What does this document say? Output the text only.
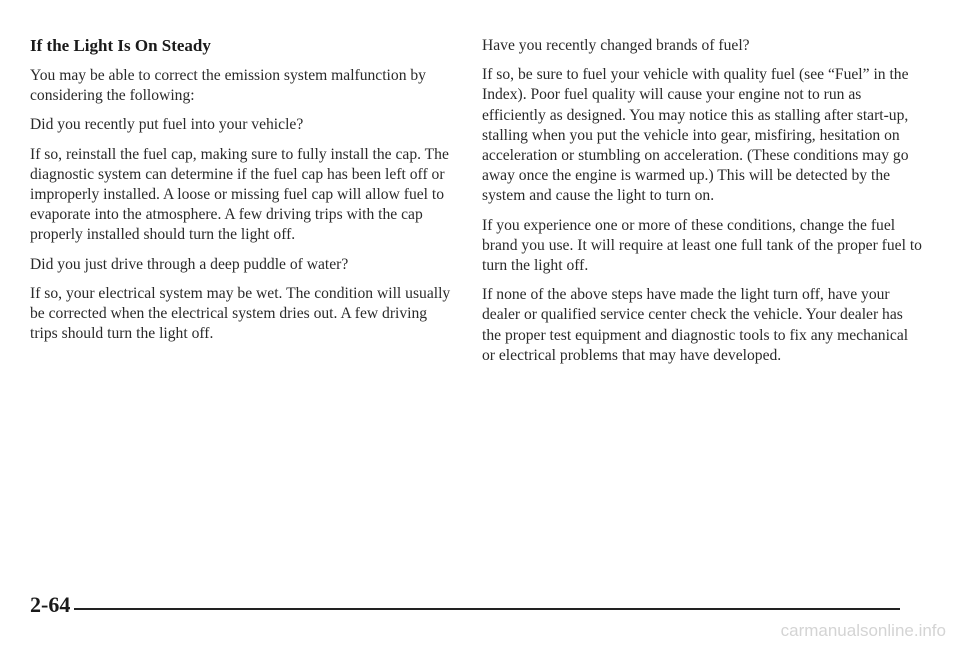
If the Light Is On Steady

You may be able to correct the emission system malfunction by considering the following:

Did you recently put fuel into your vehicle?

If so, reinstall the fuel cap, making sure to fully install the cap. The diagnostic system can determine if the fuel cap has been left off or improperly installed. A loose or missing fuel cap will allow fuel to evaporate into the atmosphere. A few driving trips with the cap properly installed should turn the light off.

Did you just drive through a deep puddle of water?

If so, your electrical system may be wet. The condition will usually be corrected when the electrical system dries out. A few driving trips should turn the light off.

Have you recently changed brands of fuel?

If so, be sure to fuel your vehicle with quality fuel (see “Fuel” in the Index). Poor fuel quality will cause your engine not to run as efficiently as designed. You may notice this as stalling after start-up, stalling when you put the vehicle into gear, misfiring, hesitation on acceleration or stumbling on acceleration. (These conditions may go away once the engine is warmed up.) This will be detected by the system and cause the light to turn on.

If you experience one or more of these conditions, change the fuel brand you use. It will require at least one full tank of the proper fuel to turn the light off.

If none of the above steps have made the light turn off, have your dealer or qualified service center check the vehicle. Your dealer has the proper test equipment and diagnostic tools to fix any mechanical or electrical problems that may have developed.

2-64
carmanualsonline.info
